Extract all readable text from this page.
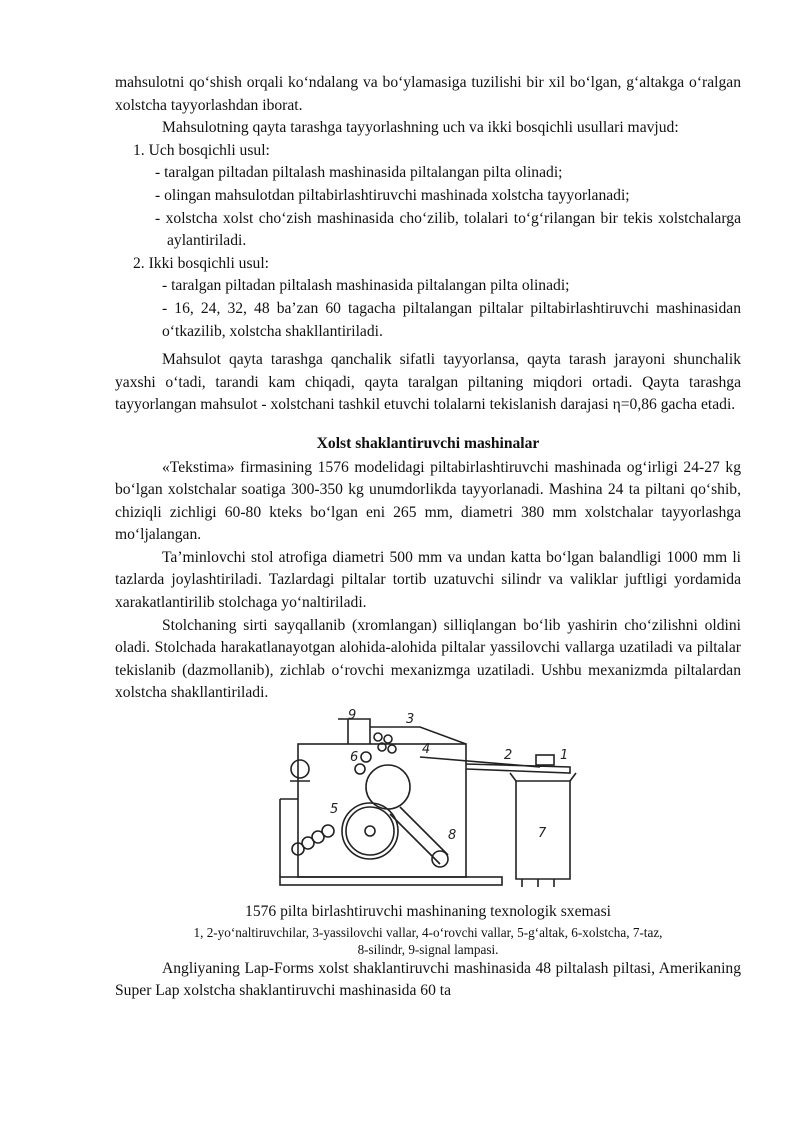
mahsulotni qoʻshish orqali koʻndalang va boʻylamasiga tuzilishi bir xil boʻlgan, gʻaltakga oʻralgan xolstcha tayyorlashdan iborat.

Mahsulotning qayta tarashga tayyorlashning uch va ikki bosqichli usullari mavjud:

1. Uch bosqichli usul:
- taralgan piltadan piltalash mashinasida piltalangan pilta olinadi;
- olingan mahsulotdan piltabirlashtiruvchi mashinada xolstcha tayyorlanadi;
- xolstcha xolst choʻzish mashinasida choʻzilib, tolalari toʻgʻrilangan bir tekis xolstchalarga aylantiriladi.
2. Ikki bosqichli usul:
- taralgan piltadan piltalash mashinasida piltalangan pilta olinadi;
- 16, 24, 32, 48 baʼzan 60 tagacha piltalangan piltalar piltabirlashtiruvchi mashinasidan oʻtkazilib, xolstcha shakllantiriladi.

Mahsulot qayta tarashga qanchalik sifatli tayyorlansa, qayta tarash jarayoni shunchalik yaxshi oʻtadi, tarandi kam chiqadi, qayta taralgan piltaning miqdori ortadi. Qayta tarashga tayyorlangan mahsulot - xolstchani tashkil etuvchi tolalarni tekislanish darajasi η=0,86 gacha etadi.

Xolst shaklantiruvchi mashinalar

«Tekstima» firmasining 1576 modelidagi piltabirlashtiruvchi mashinada ogʻirligi 24-27 kg boʻlgan xolstchalar soatiga 300-350 kg unumdorlikda tayyorlanadi. Mashina 24 ta piltani qoʻshib, chiziqli zichligi 60-80 kteks boʻlgan eni 265 mm, diametri 380 mm xolstchalar tayyorlashga moʻljalangan.

Taʼminlovchi stol atrofiga diametri 500 mm va undan katta boʻlgan balandligi 1000 mm li tazlarda joylashtiriladi. Tazlardagi piltalar tortib uzatuvchi silindr va valiklar juftligi yordamida xarakatlantirilib stolchaga yoʻnaltiriladi.

Stolchaning sirti sayqallanib (xromlangan) silliqlangan boʻlib yashirin choʻzilishni oldini oladi. Stolchada harakatlanayotgan alohida-alohida piltalar yassilovchi vallarga uzatiladi va piltalar tekislanib (dazmollanib), zichlab oʻrovchi mexanizmga uzatiladi. Ushbu mexanizmda piltalardan xolstcha shakllantiriladi.

9	3
6
4	2	1
5
8	7
1576 pilta birlashtiruvchi mashinaning texnologik sxemasi
1, 2-yoʻnaltiruvchilar, 3-yassilovchi vallar, 4-oʻrovchi vallar, 5-gʻaltak, 6-xolstcha, 7-taz,
8-silindr, 9-signal lampasi.

Angliyaning Lap-Forms xolst shaklantiruvchi mashinasida 48 piltalash piltasi, Amerikaning Super Lap xolstcha shaklantiruvchi mashinasida 60 ta
